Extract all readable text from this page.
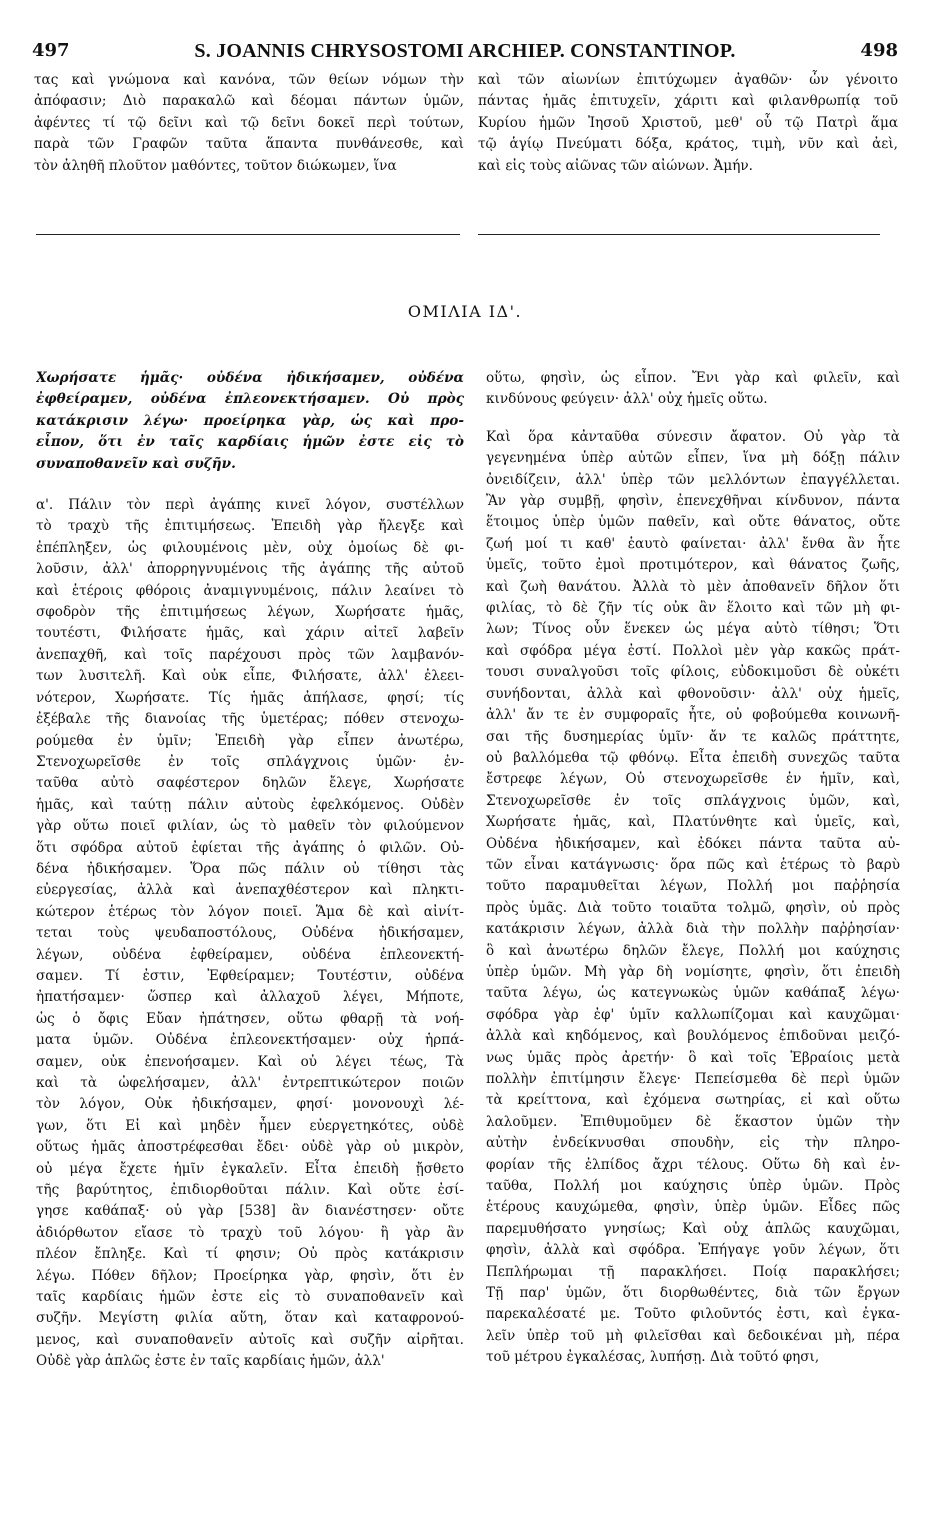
497	S. JOANNIS CHRYSOSTOMI ARCHIEP. CONSTANTINOP.	498

τας καὶ γνώμονα καὶ κανόνα, τῶν θείων νόμων τὴν

ἀπόφασιν; Διὸ παρακαλῶ καὶ δέομαι πάντων ὑμῶν,

ἀφέντες τί τῷ δεῖνι καὶ τῷ δεῖνι δοκεῖ περὶ τούτων,

παρὰ τῶν Γραφῶν ταῦτα ἅπαντα πυνθάνεσθε, καὶ

τὸν ἀληθῆ πλοῦτον μαθόντες, τοῦτον διώκωμεν, ἵνα

καὶ τῶν αἰωνίων ἐπιτύχωμεν ἀγαθῶν· ὧν γένοιτο

πάντας ἡμᾶς ἐπιτυχεῖν, χάριτι καὶ φιλανθρωπίᾳ τοῦ

Κυρίου ἡμῶν Ἰησοῦ Χριστοῦ, μεθ' οὗ τῷ Πατρὶ ἅμα

τῷ ἁγίῳ Πνεύματι δόξα, κράτος, τιμὴ, νῦν καὶ ἀεὶ,

καὶ εἰς τοὺς αἰῶνας τῶν αἰώνων. Ἀμήν.

ΟΜΙΛΙΑ ΙΔ'.

Χωρήσατε ἡμᾶς· οὐδένα ἠδικήσαμεν, οὐδένα

ἐφθείραμεν, οὐδένα ἐπλεονεκτήσαμεν. Οὐ πρὸς

κατάκρισιν λέγω· προείρηκα γὰρ, ὡς καὶ προ-

εἶπον, ὅτι ἐν ταῖς καρδίαις ἡμῶν ἐστε εἰς τὸ

συναποθανεῖν καὶ συζῆν.

α'. Πάλιν τὸν περὶ ἀγάπης κινεῖ λόγον, συστέλλων

τὸ τραχὺ τῆς ἐπιτιμήσεως. Ἐπειδὴ γὰρ ἤλεγξε καὶ

ἐπέπληξεν, ὡς φιλουμένοις μὲν, οὐχ ὁμοίως δὲ φι-

λοῦσιν, ἀλλ' ἀπορρηγνυμένοις τῆς ἀγάπης τῆς αὐτοῦ

καὶ ἑτέροις φθόροις ἀναμιγνυμένοις, πάλιν λεαίνει τὸ

σφοδρὸν τῆς ἐπιτιμήσεως λέγων, Χωρήσατε ἡμᾶς,

τουτέστι, Φιλήσατε ἡμᾶς, καὶ χάριν αἰτεῖ λαβεῖν

ἀνεπαχθῆ, καὶ τοῖς παρέχουσι πρὸς τῶν λαμβανόν-

των λυσιτελῆ. Καὶ οὐκ εἶπε, Φιλήσατε, ἀλλ' ἐλεει-

νότερον, Χωρήσατε. Τίς ἡμᾶς ἀπήλασε, φησί; τίς

ἐξέβαλε τῆς διανοίας τῆς ὑμετέρας; πόθεν στενοχω-

ρούμεθα ἐν ὑμῖν; Ἐπειδὴ γὰρ εἶπεν ἀνωτέρω,

Στενοχωρεῖσθε ἐν τοῖς σπλάγχνοις ὑμῶν· ἐν-

ταῦθα αὐτὸ σαφέστερον δηλῶν ἔλεγε, Χωρήσατε

ἡμᾶς, καὶ ταύτῃ πάλιν αὐτοὺς ἐφελκόμενος. Οὐδὲν

γὰρ οὕτω ποιεῖ φιλίαν, ὡς τὸ μαθεῖν τὸν φιλούμενον

ὅτι σφόδρα αὐτοῦ ἐφίεται τῆς ἀγάπης ὁ φιλῶν. Οὐ-

δένα ἠδικήσαμεν. Ὅρα πῶς πάλιν οὐ τίθησι τὰς

εὐεργεσίας, ἀλλὰ καὶ ἀνεπαχθέστερον καὶ πληκτι-

κώτερον ἑτέρως τὸν λόγον ποιεῖ. Ἅμα δὲ καὶ αἰνίτ-

τεται τοὺς ψευδαποστόλους, Οὐδένα ἠδικήσαμεν,

λέγων, οὐδένα ἐφθείραμεν, οὐδένα ἐπλεονεκτή-

σαμεν. Τί ἐστιν, Ἐφθείραμεν; Τουτέστιν, οὐδένα

ἠπατήσαμεν· ὥσπερ καὶ ἀλλαχοῦ λέγει, Μήποτε,

ὡς ὁ ὄφις Εὔαν ἠπάτησεν, οὕτω φθαρῇ τὰ νοή-

ματα ὑμῶν. Οὐδένα ἐπλεονεκτήσαμεν· οὐχ ἡρπά-

σαμεν, οὐκ ἐπενοήσαμεν. Καὶ οὐ λέγει τέως, Τὰ

καὶ τὰ ὠφελήσαμεν, ἀλλ' ἐντρεπτικώτερον ποιῶν

τὸν λόγον, Οὐκ ἠδικήσαμεν, φησί· μονονουχὶ λέ-

γων, ὅτι Εἰ καὶ μηδὲν ἦμεν εὐεργετηκότες, οὐδὲ

οὕτως ἡμᾶς ἀποστρέφεσθαι ἔδει· οὐδὲ γὰρ οὐ μικρὸν,

οὐ μέγα ἔχετε ἡμῖν ἐγκαλεῖν. Εἶτα ἐπειδὴ ᾔσθετο

τῆς βαρύτητος, ἐπιδιορθοῦται πάλιν. Καὶ οὔτε ἐσί-

γησε καθάπαξ· οὐ γὰρ [538] ἂν διανέστησεν· οὔτε

ἀδιόρθωτον εἴασε τὸ τραχὺ τοῦ λόγου· ἢ γὰρ ἂν

πλέον ἔπληξε. Καὶ τί φησιν; Οὐ πρὸς κατάκρισιν

λέγω. Πόθεν δῆλον; Προείρηκα γὰρ, φησὶν, ὅτι ἐν

ταῖς καρδίαις ἡμῶν ἐστε εἰς τὸ συναποθανεῖν καὶ

συζῆν. Μεγίστη φιλία αὕτη, ὅταν καὶ καταφρονού-

μενος, καὶ συναποθανεῖν αὐτοῖς καὶ συζῆν αἱρῆται.

Οὐδὲ γὰρ ἁπλῶς ἐστε ἐν ταῖς καρδίαις ἡμῶν, ἀλλ'

οὕτω, φησὶν, ὡς εἶπον. Ἔνι γὰρ καὶ φιλεῖν, καὶ

κινδύνους φεύγειν· ἀλλ' οὐχ ἡμεῖς οὕτω.

Καὶ ὅρα κἀνταῦθα σύνεσιν ἄφατον. Οὐ γὰρ τὰ

γεγενημένα ὑπὲρ αὐτῶν εἶπεν, ἵνα μὴ δόξῃ πάλιν

ὀνειδίζειν, ἀλλ' ὑπὲρ τῶν μελλόντων ἐπαγγέλλεται.

Ἂν γὰρ συμβῇ, φησὶν, ἐπενεχθῆναι κίνδυνον, πάντα

ἕτοιμος ὑπὲρ ὑμῶν παθεῖν, καὶ οὔτε θάνατος, οὔτε

ζωή μοί τι καθ' ἑαυτὸ φαίνεται· ἀλλ' ἔνθα ἂν ἦτε

ὑμεῖς, τοῦτο ἐμοὶ προτιμότερον, καὶ θάνατος ζωῆς,

καὶ ζωὴ θανάτου. Ἀλλὰ τὸ μὲν ἀποθανεῖν δῆλον ὅτι

φιλίας, τὸ δὲ ζῆν τίς οὐκ ἂν ἕλοιτο καὶ τῶν μὴ φι-

λων; Τίνος οὖν ἕνεκεν ὡς μέγα αὐτὸ τίθησι; Ὅτι

καὶ σφόδρα μέγα ἐστί. Πολλοὶ μὲν γὰρ κακῶς πράτ-

τουσι συναλγοῦσι τοῖς φίλοις, εὐδοκιμοῦσι δὲ οὐκέτι

συνήδονται, ἀλλὰ καὶ φθονοῦσιν· ἀλλ' οὐχ ἡμεῖς,

ἀλλ' ἄν τε ἐν συμφοραῖς ἦτε, οὐ φοβούμεθα κοινωνῆ-

σαι τῆς δυσημερίας ὑμῖν· ἄν τε καλῶς πράττητε,

οὐ βαλλόμεθα τῷ φθόνῳ. Εἶτα ἐπειδὴ συνεχῶς ταῦτα

ἔστρεφε λέγων, Οὐ στενοχωρεῖσθε ἐν ἡμῖν, καὶ,

Στενοχωρεῖσθε ἐν τοῖς σπλάγχνοις ὑμῶν, καὶ,

Χωρήσατε ἡμᾶς, καὶ, Πλατύνθητε καὶ ὑμεῖς, καὶ,

Οὐδένα ἠδικήσαμεν, καὶ ἐδόκει πάντα ταῦτα αὐ-

τῶν εἶναι κατάγνωσις· ὅρα πῶς καὶ ἑτέρως τὸ βαρὺ

τοῦτο παραμυθεῖται λέγων, Πολλή μοι παῤῥησία

πρὸς ὑμᾶς. Διὰ τοῦτο τοιαῦτα τολμῶ, φησὶν, οὐ πρὸς

κατάκρισιν λέγων, ἀλλὰ διὰ τὴν πολλὴν παῤῥησίαν·

ὃ καὶ ἀνωτέρω δηλῶν ἔλεγε, Πολλή μοι καύχησις

ὑπὲρ ὑμῶν. Μὴ γὰρ δὴ νομίσητε, φησὶν, ὅτι ἐπειδὴ

ταῦτα λέγω, ὡς κατεγνωκὼς ὑμῶν καθάπαξ λέγω·

σφόδρα γὰρ ἐφ' ὑμῖν καλλωπίζομαι καὶ καυχῶμαι·

ἀλλὰ καὶ κηδόμενος, καὶ βουλόμενος ἐπιδοῦναι μειζό-

νως ὑμᾶς πρὸς ἀρετήν· ὃ καὶ τοῖς Ἑβραίοις μετὰ

πολλὴν ἐπιτίμησιν ἔλεγε· Πεπείσμεθα δὲ περὶ ὑμῶν

τὰ κρείττονα, καὶ ἐχόμενα σωτηρίας, εἰ καὶ οὕτω

λαλοῦμεν. Ἐπιθυμοῦμεν δὲ ἕκαστον ὑμῶν τὴν

αὐτὴν ἐνδείκνυσθαι σπουδὴν, εἰς τὴν πληρο-

φορίαν τῆς ἐλπίδος ἄχρι τέλους. Οὕτω δὴ καὶ ἐν-

ταῦθα, Πολλή μοι καύχησις ὑπὲρ ὑμῶν. Πρὸς

ἑτέρους καυχώμεθα, φησὶν, ὑπὲρ ὑμῶν. Εἶδες πῶς

παρεμυθήσατο γνησίως; Καὶ οὐχ ἁπλῶς καυχῶμαι,

φησὶν, ἀλλὰ καὶ σφόδρα. Ἐπήγαγε γοῦν λέγων, ὅτι

Πεπλήρωμαι τῇ παρακλήσει. Ποίᾳ παρακλήσει;

Τῇ παρ' ὑμῶν, ὅτι διορθωθέντες, διὰ τῶν ἔργων

παρεκαλέσατέ με. Τοῦτο φιλοῦντός ἐστι, καὶ ἐγκα-

λεῖν ὑπὲρ τοῦ μὴ φιλεῖσθαι καὶ δεδοικέναι μὴ, πέρα

τοῦ μέτρου ἐγκαλέσας, λυπήσῃ. Διὰ τοῦτό φησι,
